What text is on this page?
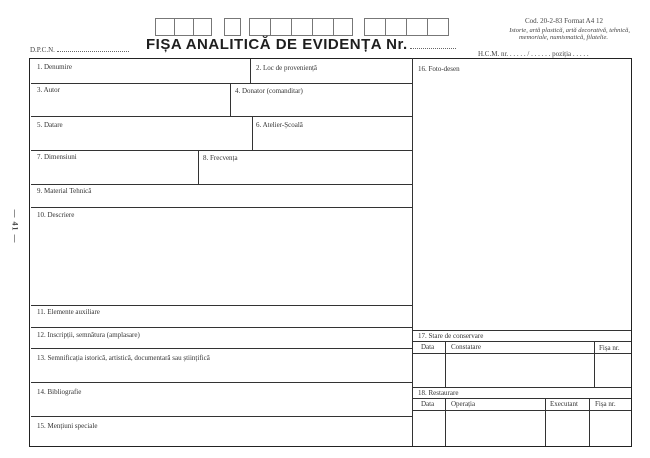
Cod. 20-2-83 Format A4 12
Istorie, artă plastică, artă decorativă, tehnică,
memoriale, numismatică, filatelie.
D.P.C.N.	FIȘA ANALITICĂ DE EVIDENȚA Nr.
H.C.M. nr. . . . . . / . . . . . . poziția . . . . .
— 41 —
1. Denumire	2. Loc de proveniență
3. Autor	4. Donator (comanditar)
5. Datare	6. Atelier-Școală
7. Dimensiuni	8. Frecvența
9. Material Tehnică
10. Descriere
11. Elemente auxiliare
12. Inscripții, semnătura (amplasare)
13. Semnificația istorică, artistică, documentară sau științifică
14. Bibliografie
15. Mențiuni speciale
16. Foto-desen
17. Stare de conservare
Data Constatare	Fișa nr.
18. Restaurare
Data Operația	Executant Fișa nr.
